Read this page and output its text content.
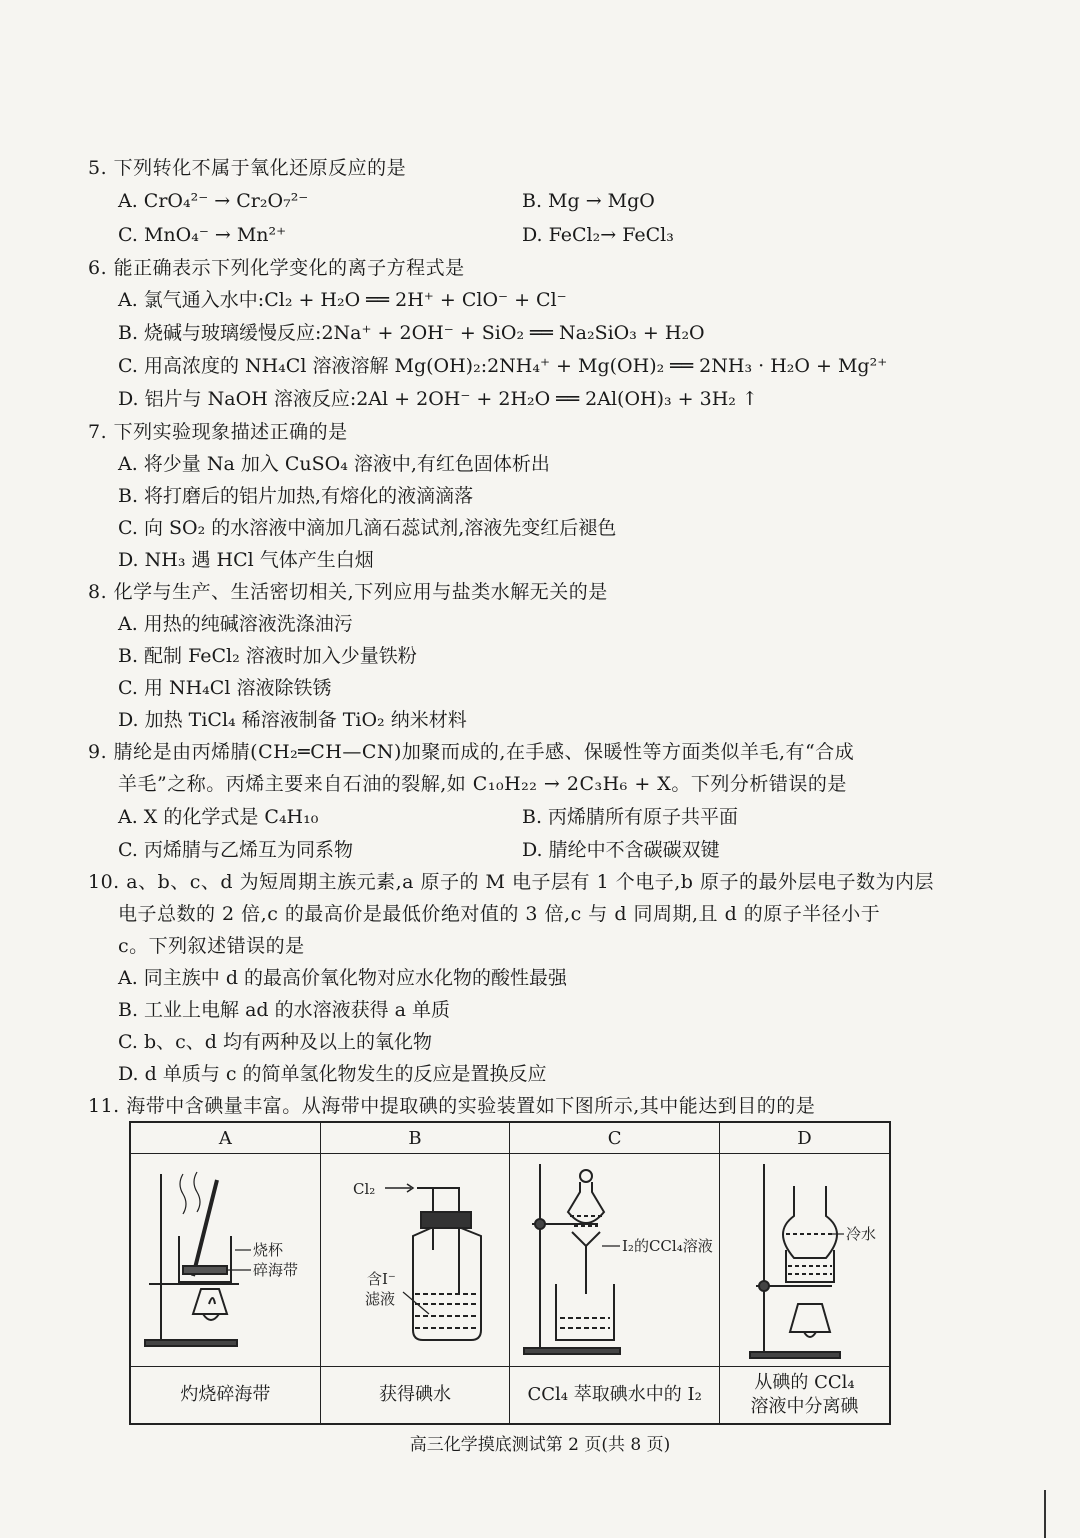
5. 下列转化不属于氧化还原反应的是
A. CrO₄²⁻ → Cr₂O₇²⁻	B. Mg → MgO
C. MnO₄⁻ → Mn²⁺	D. FeCl₂→ FeCl₃
6. 能正确表示下列化学变化的离子方程式是
A. 氯气通入水中:Cl₂ + H₂O ══ 2H⁺ + ClO⁻ + Cl⁻
B. 烧碱与玻璃缓慢反应:2Na⁺ + 2OH⁻ + SiO₂ ══ Na₂SiO₃ + H₂O
C. 用高浓度的 NH₄Cl 溶液溶解 Mg(OH)₂:2NH₄⁺ + Mg(OH)₂ ══ 2NH₃ · H₂O + Mg²⁺
D. 铝片与 NaOH 溶液反应:2Al + 2OH⁻ + 2H₂O ══ 2Al(OH)₃ + 3H₂ ↑
7. 下列实验现象描述正确的是
A. 将少量 Na 加入 CuSO₄ 溶液中,有红色固体析出
B. 将打磨后的铝片加热,有熔化的液滴滴落
C. 向 SO₂ 的水溶液中滴加几滴石蕊试剂,溶液先变红后褪色
D. NH₃ 遇 HCl 气体产生白烟
8. 化学与生产、生活密切相关,下列应用与盐类水解无关的是
A. 用热的纯碱溶液洗涤油污
B. 配制 FeCl₂ 溶液时加入少量铁粉
C. 用 NH₄Cl 溶液除铁锈
D. 加热 TiCl₄ 稀溶液制备 TiO₂ 纳米材料
9. 腈纶是由丙烯腈(CH₂═CH—CN)加聚而成的,在手感、保暖性等方面类似羊毛,有“合成
羊毛”之称。丙烯主要来自石油的裂解,如 C₁₀H₂₂ → 2C₃H₆ + X。下列分析错误的是
A. X 的化学式是 C₄H₁₀	B. 丙烯腈所有原子共平面
C. 丙烯腈与乙烯互为同系物	D. 腈纶中不含碳碳双键
10. a、b、c、d 为短周期主族元素,a 原子的 M 电子层有 1 个电子,b 原子的最外层电子数为内层
电子总数的 2 倍,c 的最高价是最低价绝对值的 3 倍,c 与 d 同周期,且 d 的原子半径小于
c。下列叙述错误的是
A. 同主族中 d 的最高价氧化物对应水化物的酸性最强
B. 工业上电解 ad 的水溶液获得 a 单质
C. b、c、d 均有两种及以上的氧化物
D. d 单质与 c 的简单氢化物发生的反应是置换反应
11. 海带中含碘量丰富。从海带中提取碘的实验装置如下图所示,其中能达到目的的是
A	B	C	D

烧杯
碎海带	Cl₂
含I⁻
滤液	I₂的CCl₄溶液	冷水

灼烧碎海带	获得碘水	CCl₄ 萃取碘水中的 I₂	从碘的 CCl₄
溶液中分离碘
高三化学摸底测试第 2 页(共 8 页)
